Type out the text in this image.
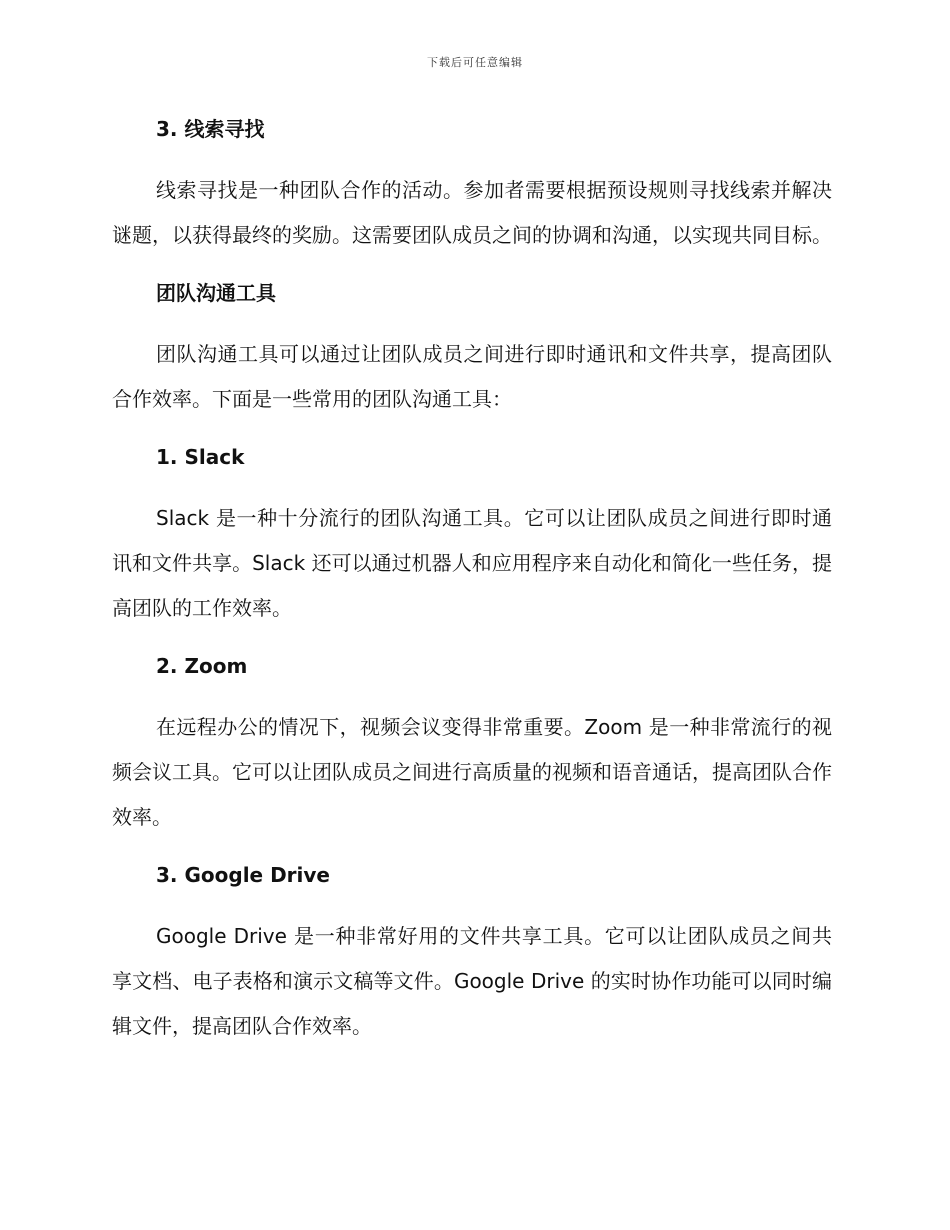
下载后可任意编辑
3. 线索寻找

线索寻找是一种团队合作的活动。参加者需要根据预设规则寻找线索并解决谜题，以获得最终的奖励。这需要团队成员之间的协调和沟通，以实现共同目标。

团队沟通工具

团队沟通工具可以通过让团队成员之间进行即时通讯和文件共享，提高团队合作效率。下面是一些常用的团队沟通工具：

1. Slack

Slack 是一种十分流行的团队沟通工具。它可以让团队成员之间进行即时通讯和文件共享。Slack 还可以通过机器人和应用程序来自动化和简化一些任务，提高团队的工作效率。

2. Zoom

在远程办公的情况下，视频会议变得非常重要。Zoom 是一种非常流行的视频会议工具。它可以让团队成员之间进行高质量的视频和语音通话，提高团队合作效率。

3. Google Drive

Google Drive 是一种非常好用的文件共享工具。它可以让团队成员之间共享文档、电子表格和演示文稿等文件。Google Drive 的实时协作功能可以同时编辑文件，提高团队合作效率。
